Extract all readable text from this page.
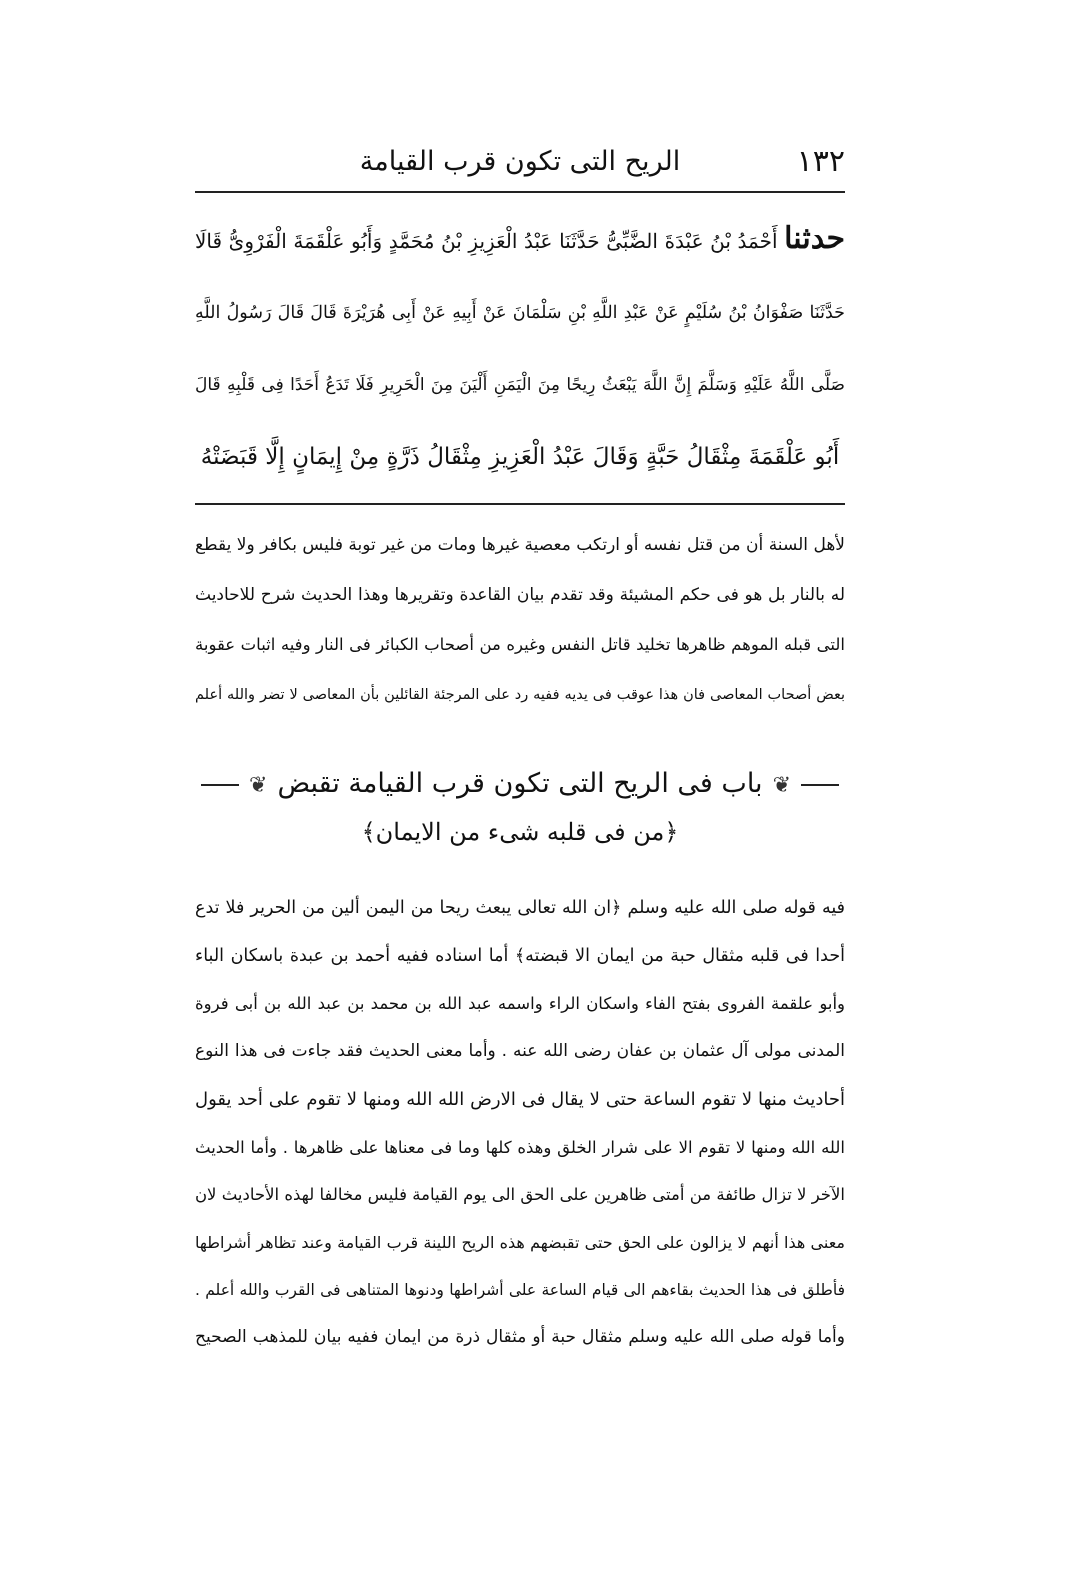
١٣٢
الريح التى تكون قرب القيامة
حدثنا أَحْمَدُ بْنُ عَبْدَةَ الضَّبِّىُّ حَدَّثَنَا عَبْدُ الْعَزِيزِ بْنُ مُحَمَّدٍ وَأَبُو عَلْقَمَةَ الْفَرْوِىُّ قَالَا
حَدَّثَنَا صَفْوَانُ بْنُ سُلَيْمٍ عَنْ عَبْدِ اللَّهِ بْنِ سَلْمَانَ عَنْ أَبِيهِ عَنْ أَبِى هُرَيْرَةَ قَالَ قَالَ رَسُولُ اللَّهِ
صَلَّى اللَّهُ عَلَيْهِ وَسَلَّمَ إِنَّ اللَّهَ يَبْعَثُ رِيحًا مِنَ الْيَمَنِ أَلْيَنَ مِنَ الْحَرِيرِ فَلَا تَدَعُ أَحَدًا فِى قَلْبِهِ قَالَ
أَبُو عَلْقَمَةَ مِثْقَالُ حَبَّةٍ وَقَالَ عَبْدُ الْعَزِيزِ مِثْقَالُ ذَرَّةٍ مِنْ إِيمَانٍ إِلَّا قَبَضَتْهُ
لأهل السنة أن من قتل نفسه أو ارتكب معصية غيرها ومات من غير توبة فليس بكافر ولا يقطع
له بالنار بل هو فى حكم المشيئة وقد تقدم بيان القاعدة وتقريرها وهذا الحديث شرح للاحاديث
التى قبله الموهم ظاهرها تخليد قاتل النفس وغيره من أصحاب الكبائر فى النار وفيه اثبات عقوبة
بعض أصحاب المعاصى فان هذا عوقب فى يديه ففيه رد على المرجئة القائلين بأن المعاصى لا تضر والله أعلم
❦باب فى الريح التى تكون قرب القيامة تقبض❦
﴿من فى قلبه شىء من الايمان﴾
فيه قوله صلى الله عليه وسلم ﴿ان الله تعالى يبعث ريحا من اليمن ألين من الحرير فلا تدع
أحدا فى قلبه مثقال حبة من ايمان الا قبضته﴾ أما اسناده ففيه أحمد بن عبدة باسكان الباء
وأبو علقمة الفروى بفتح الفاء واسكان الراء واسمه عبد الله بن محمد بن عبد الله بن أبى فروة
المدنى مولى آل عثمان بن عفان رضى الله عنه . وأما معنى الحديث فقد جاءت فى هذا النوع
أحاديث منها لا تقوم الساعة حتى لا يقال فى الارض الله الله ومنها لا تقوم على أحد يقول
الله الله ومنها لا تقوم الا على شرار الخلق وهذه كلها وما فى معناها على ظاهرها . وأما الحديث
الآخر لا تزال طائفة من أمتى ظاهرين على الحق الى يوم القيامة فليس مخالفا لهذه الأحاديث لان
معنى هذا أنهم لا يزالون على الحق حتى تقبضهم هذه الريح اللينة قرب القيامة وعند تظاهر أشراطها
فأطلق فى هذا الحديث بقاءهم الى قيام الساعة على أشراطها ودنوها المتناهى فى القرب والله أعلم .
وأما قوله صلى الله عليه وسلم مثقال حبة أو مثقال ذرة من ايمان ففيه بيان للمذهب الصحيح
